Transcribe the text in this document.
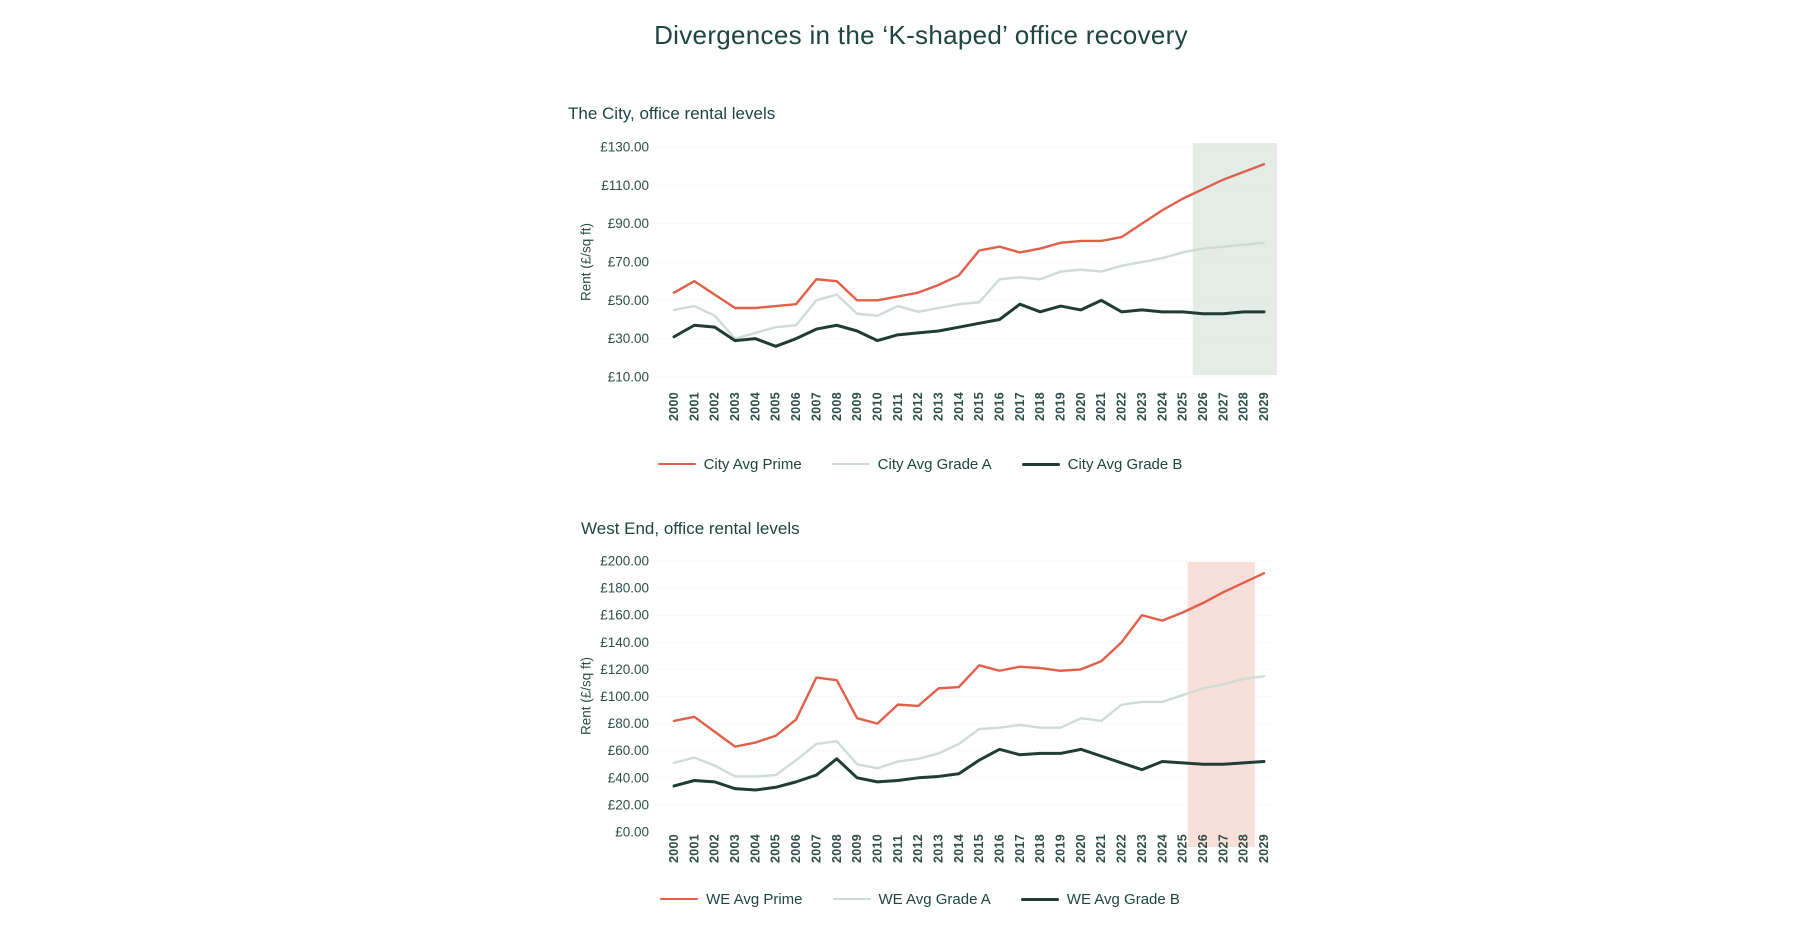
Divergences in the ‘K-shaped’ office recovery
The City, office rental levels
£130.00
£110.00
£90.00
£70.00
£50.00
£30.00
£10.00
2000 2001 2002 2003 2004 2005 2006 2007 2008 2009 2010 2011 2012 2013 2014 2015 2016 2017 2018 2019 2020 2021 2022 2023 2024 2025 2026 2027 2028 2029
Rent (£/sq ft)
City Avg Prime	City Avg Grade A	City Avg Grade B
West End, office rental levels
£200.00
£180.00
£160.00
£140.00
£120.00
£100.00
£80.00
£60.00
£40.00
£20.00
£0.00
2000 2001 2002 2003 2004 2005 2006 2007 2008 2009 2010 2011 2012 2013 2014 2015 2016 2017 2018 2019 2020 2021 2022 2023 2024 2025 2026 2027 2028 2029
Rent (£/sq ft)
WE Avg Prime	WE Avg Grade A	WE Avg Grade B
